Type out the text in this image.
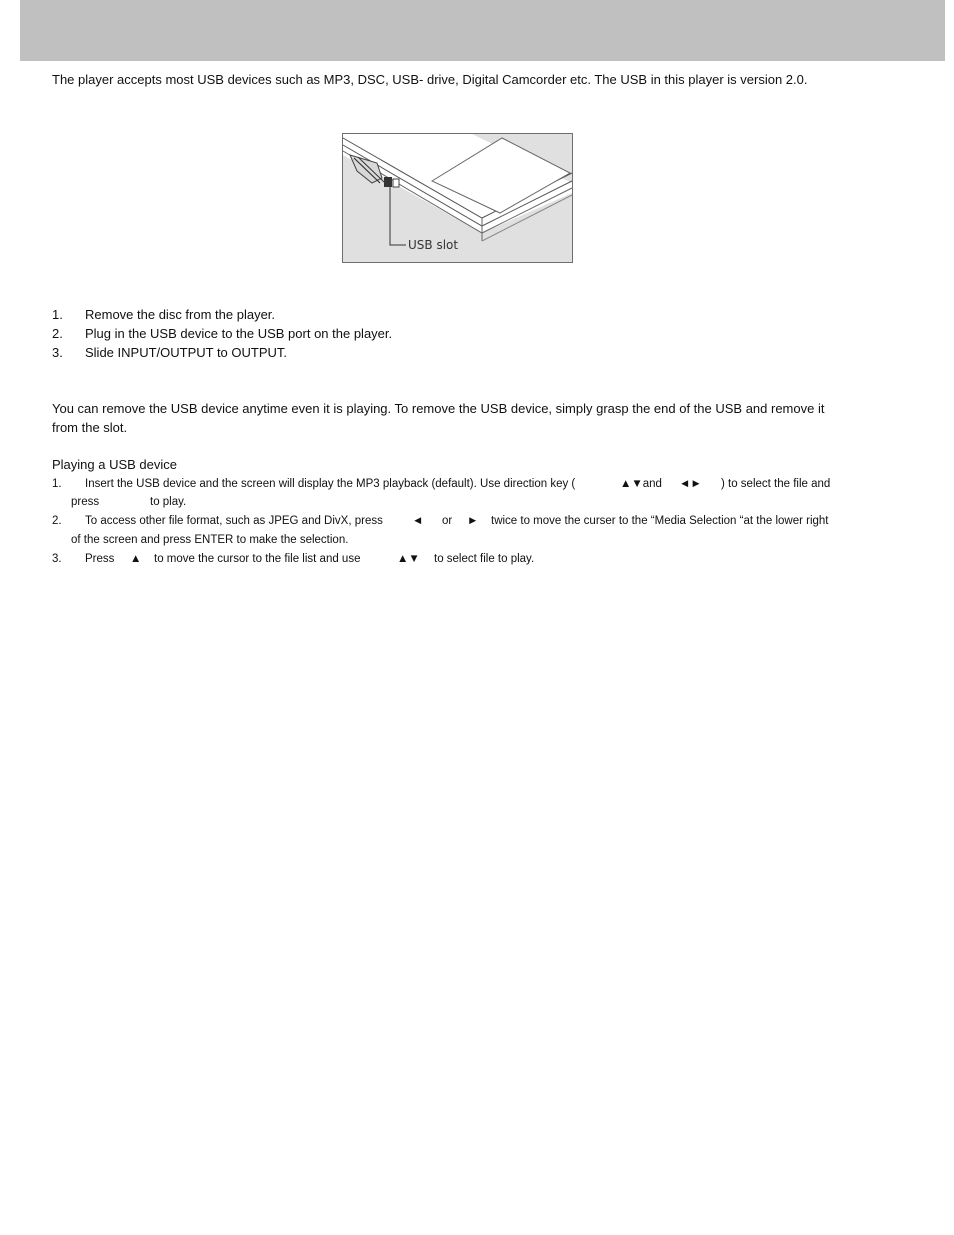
The player accepts most USB devices such as MP3, DSC, USB- drive, Digital Camcorder etc. The USB in this player is version 2.0.
USB slot
1. Remove the disc from the player.
2. Plug in the USB device to the USB port on the player.
3. Slide INPUT/OUTPUT to OUTPUT.
You can remove the USB device anytime even it is playing. To remove the USB device, simply grasp the end of the USB and remove it
from the slot.
Playing a USB device
1. Insert the USB device and the screen will display the MP3 playback (default). Use direction key (	▲▼and ◄► ) to select the file and
press	to play.
2. To access other file format, such as JPEG and DivX, press	◄ or ► twice to move the curser to the “Media Selection “at the lower right
of the screen and press ENTER to make the selection.
3. Press ▲ to move the cursor to the file list and use	▲▼ to select file to play.
